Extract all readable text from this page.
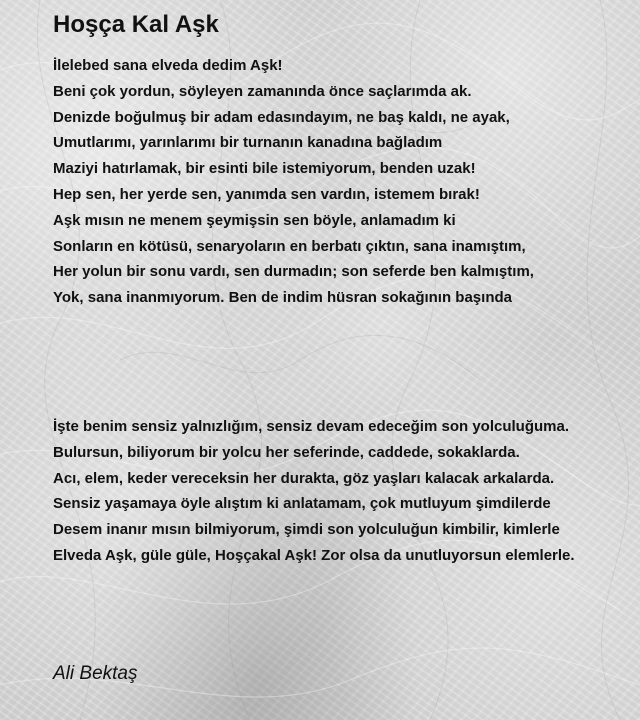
Hoşça Kal Aşk
İlelebed sana elveda dedim Aşk!
Beni çok yordun, söyleyen zamanında önce saçlarımda ak.
Denizde boğulmuş bir adam edasındayım, ne baş kaldı, ne ayak,
Umutlarımı, yarınlarımı bir turnanın kanadına bağladım
Maziyi hatırlamak, bir esinti bile istemiyorum, benden uzak!
Hep sen, her yerde sen, yanımda sen vardın, istemem bırak!
Aşk mısın ne menem şeymişsin sen böyle, anlamadım ki
Sonların en kötüsü, senaryoların en berbatı çıktın, sana inamıştım,
Her yolun bir sonu vardı, sen durmadın; son seferde ben kalmıştım,
Yok, sana inanmıyorum. Ben de indim hüsran sokağının başında
İşte benim sensiz yalnızlığım, sensiz devam edeceğim son yolculuğuma.
Bulursun, biliyorum bir yolcu her seferinde, caddede, sokaklarda.
Acı, elem, keder vereceksin her durakta, göz yaşları kalacak arkalarda.
Sensiz yaşamaya öyle alıştım ki anlatamam, çok mutluyum şimdilerde
Desem inanır mısın bilmiyorum, şimdi son yolculuğun kimbilir, kimlerle
Elveda Aşk, güle güle, Hoşçakal Aşk! Zor olsa da unutluyorsun elemlerle.
Ali Bektaş
